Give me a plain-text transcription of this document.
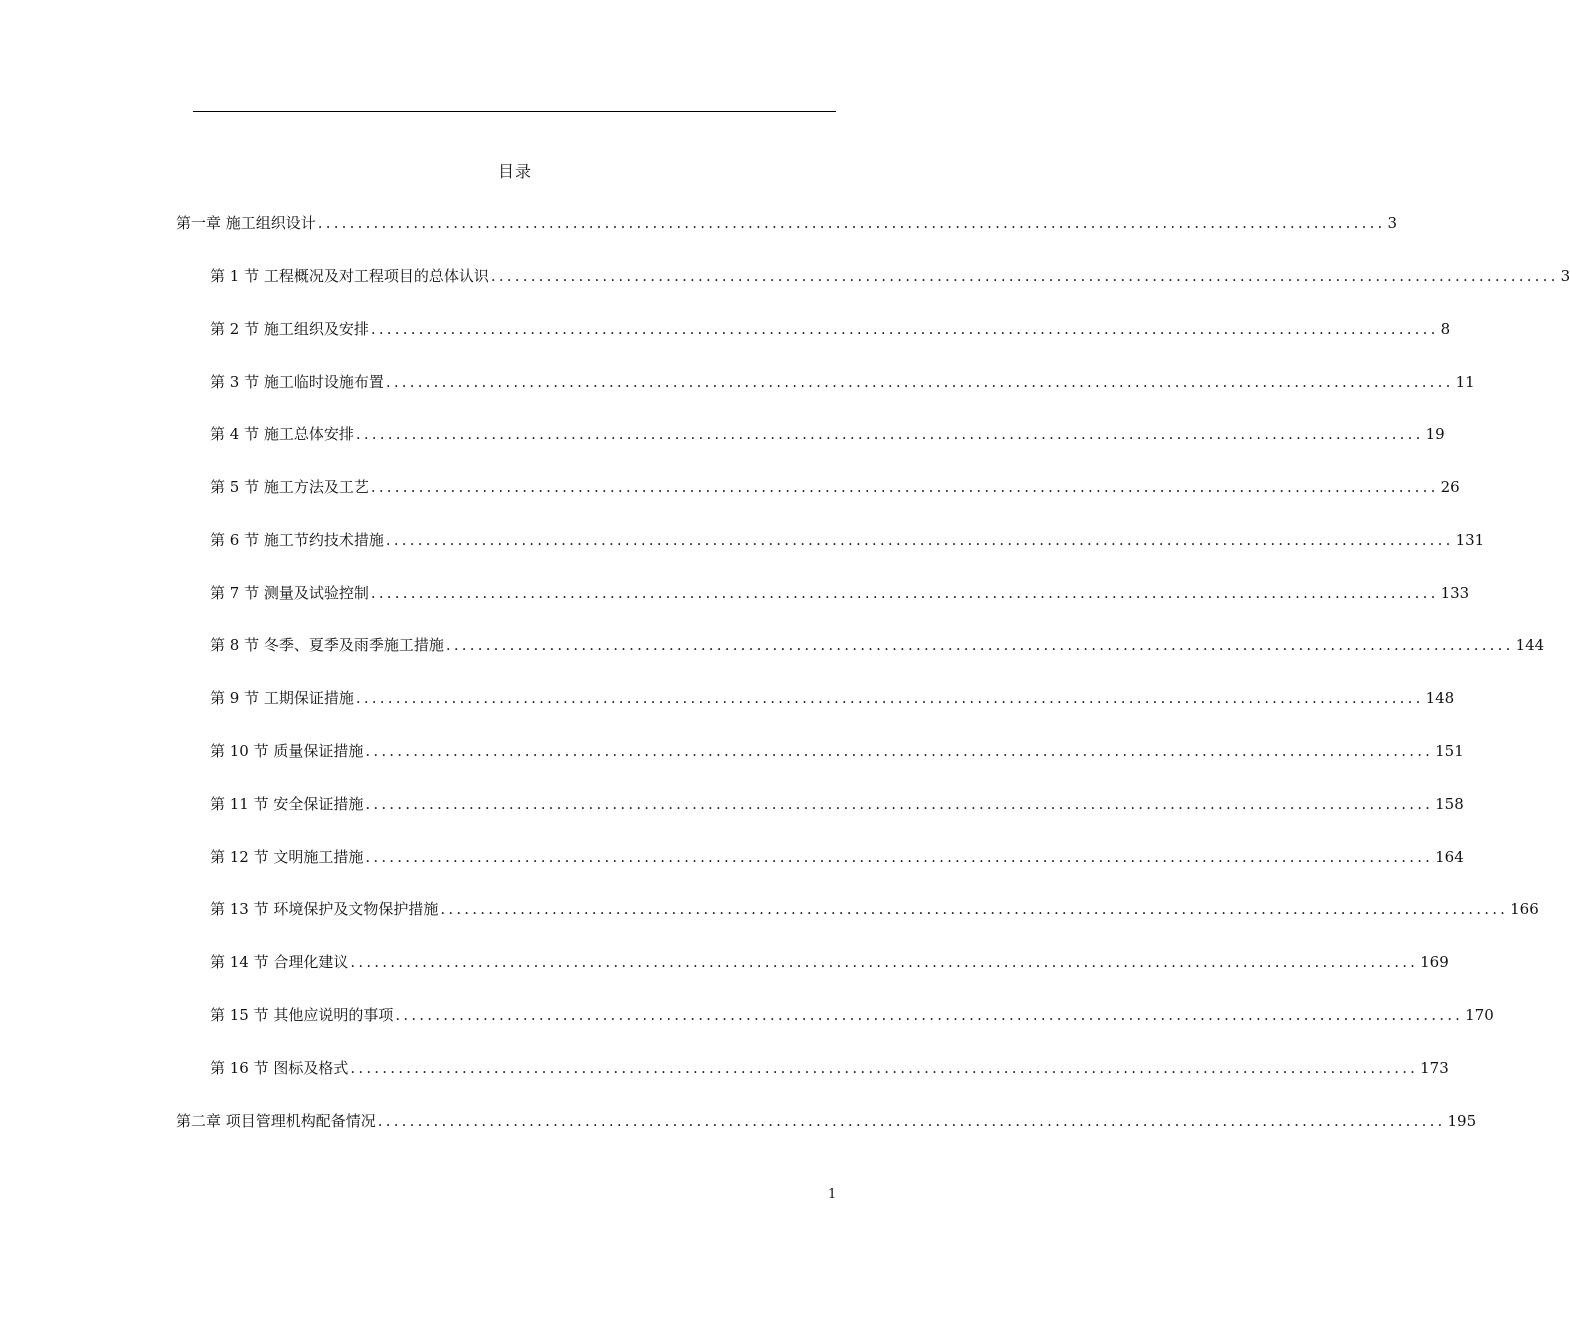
目录
第一章 施工组织设计 ...................................................................................................................................... 3
第 1 节 工程概况及对工程项目的总体认识 ...................................................................................................................................... 3
第 2 节 施工组织及安排 ...................................................................................................................................... 8
第 3 节 施工临时设施布置 ...................................................................................................................................... 11
第 4 节 施工总体安排 ...................................................................................................................................... 19
第 5 节 施工方法及工艺 ...................................................................................................................................... 26
第 6 节 施工节约技术措施 ...................................................................................................................................... 131
第 7 节 测量及试验控制 ...................................................................................................................................... 133
第 8 节 冬季、夏季及雨季施工措施 ...................................................................................................................................... 144
第 9 节 工期保证措施 ...................................................................................................................................... 148
第 10 节 质量保证措施 ...................................................................................................................................... 151
第 11 节 安全保证措施 ...................................................................................................................................... 158
第 12 节 文明施工措施 ...................................................................................................................................... 164
第 13 节 环境保护及文物保护措施 ...................................................................................................................................... 166
第 14 节 合理化建议 ...................................................................................................................................... 169
第 15 节 其他应说明的事项 ...................................................................................................................................... 170
第 16 节 图标及格式 ...................................................................................................................................... 173
第二章 项目管理机构配备情况 ...................................................................................................................................... 195
1
